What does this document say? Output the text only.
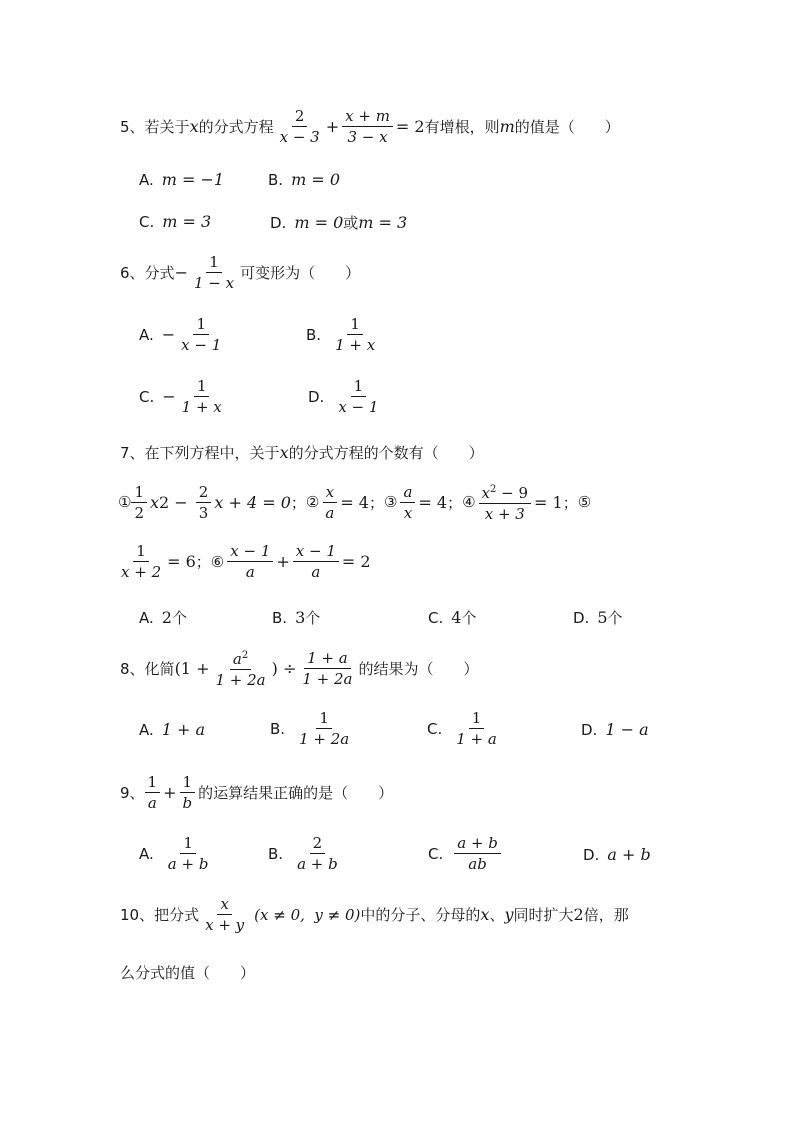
5、 若关于 x 的分式方程 $\frac{2}{x - 3} + \frac{x + m}{3 - x} = 2$ 有增根，则 m 的值是（　　）
A. m = −1	B. m = 0
C. m = 3	D. m = 0 或 m = 3
6、 分式 − $\frac{1}{1 - x}$ 可变形为（　　）
A. − $\frac{1}{x - 1}$	B. $\frac{1}{1 + x}$
C. − $\frac{1}{1 + x}$	D. $\frac{1}{x - 1}$
7、 在下列方程中，关于 x 的分式方程的个数有（　　）
① $\frac{1}{2}$ x $2 - \frac{2}{3}$ x + 4 = 0 ； ② $\frac{x}{a} = 4$ ； ③ $\frac{a}{x} = 4$ ； ④ $\frac{x^2 - 9}{x + 3} = 1$ ； ⑤
$\frac{1}{x + 2} = 6$ ； ⑥ $\frac{x - 1}{a} + \frac{x - 1}{a} = 2$
A. 2 个	B. 3 个	C. 4 个	D. 5 个
8、 化简 ($1 + \frac{a^2}{1 + 2a}$ ) ÷ $\frac{1 + a}{1 + 2a}$ 的结果为（　　）
A. 1 + a	B. $\frac{1}{1 + 2a}$	C. $\frac{1}{1 + a}$	D. 1 − a
9、 $\frac{1}{a} + \frac{1}{b}$ 的运算结果正确的是（　　）
A. $\frac{1}{a + b}$	B. $\frac{2}{a + b}$	C. $\frac{a + b}{ab}$	D. a + b
10、 把分式 $\frac{x}{x + y} (x \ne 0$,  y ≠ 0) 中的分子、分母的 x 、 y 同时扩大 2 倍，那
么分式的值（　　）
